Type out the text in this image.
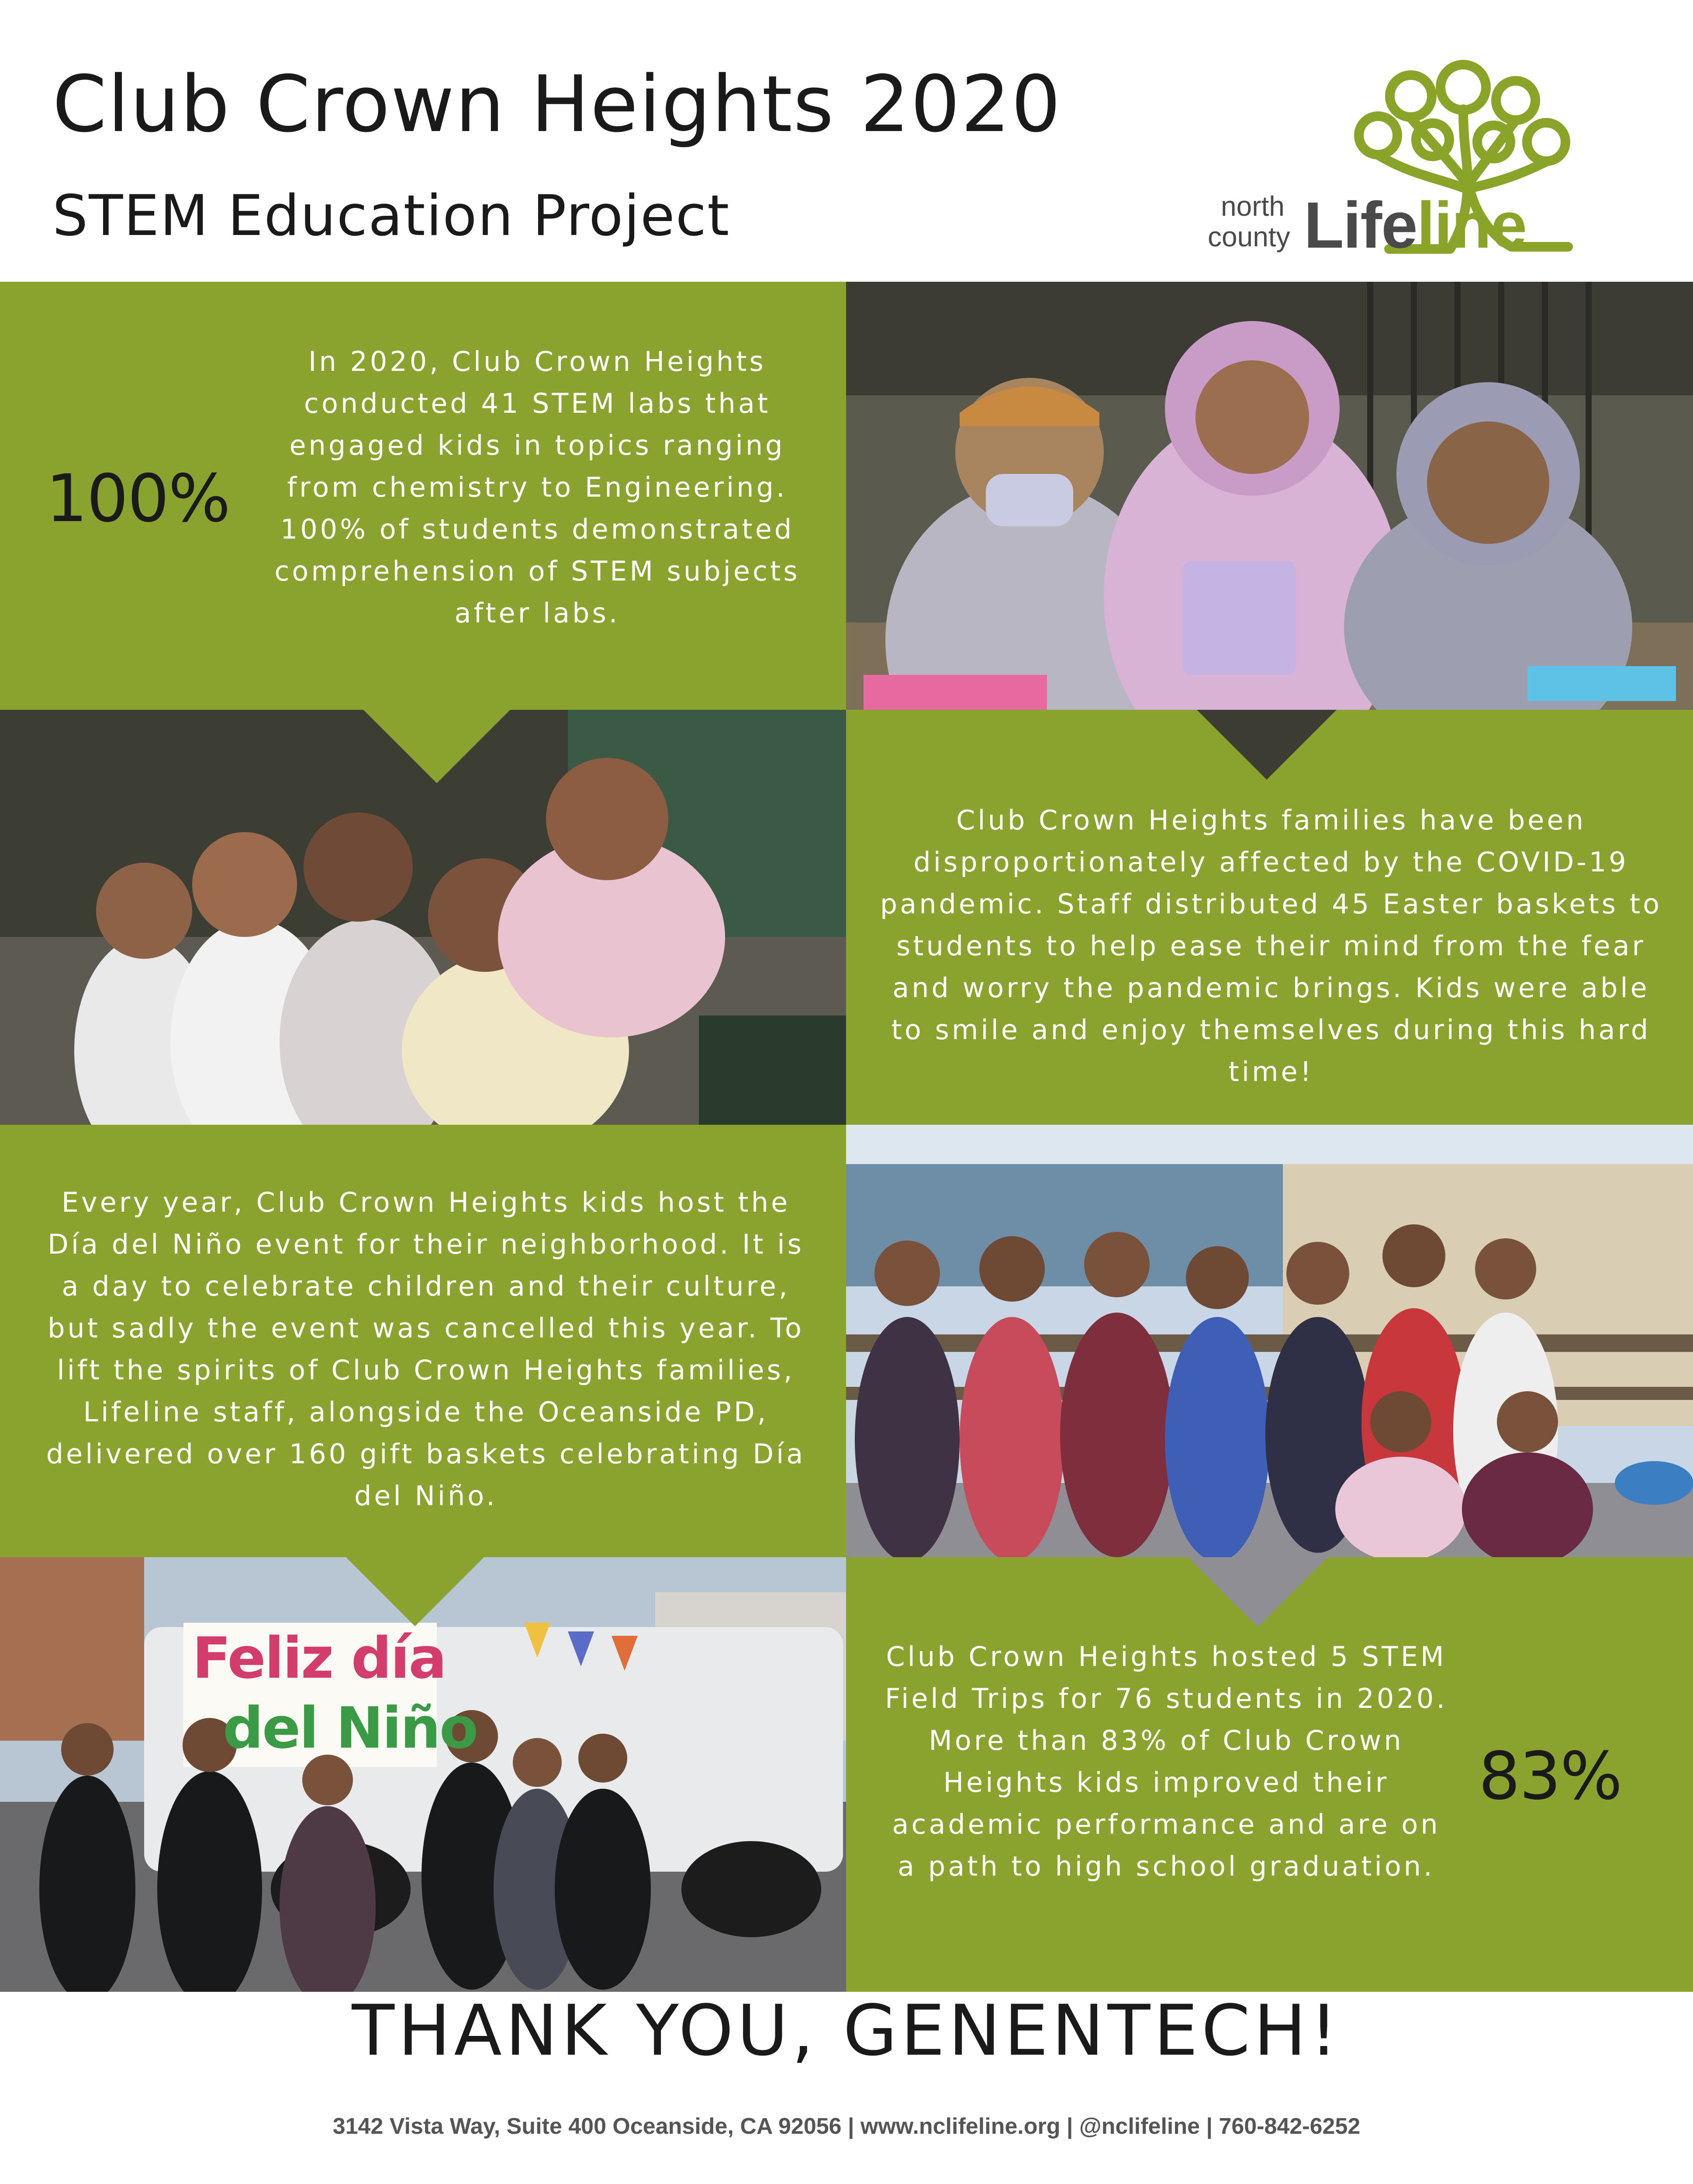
Club Crown Heights 2020
STEM Education Project	north
county Lifeline
100%
In 2020, Club Crown Heights conducted 41 STEM labs that engaged kids in topics ranging from chemistry to Engineering. 100% of students demonstrated comprehension of STEM subjects after labs.
Club Crown Heights families have been disproportionately affected by the COVID-19 pandemic. Staff distributed 45 Easter baskets to students to help ease their mind from the fear and worry the pandemic brings. Kids were able to smile and enjoy themselves during this hard time!
Every year, Club Crown Heights kids host the Día del Niño event for their neighborhood. It is a day to celebrate children and their culture, but sadly the event was cancelled this year. To lift the spirits of Club Crown Heights families, Lifeline staff, alongside the Oceanside PD, delivered over 160 gift baskets celebrating Día del Niño.
Feliz día
del Niño
Club Crown Heights hosted 5 STEM Field Trips for 76 students in 2020. More than 83% of Club Crown Heights kids improved their academic performance and are on a path to high school graduation.
83%
THANK YOU, GENENTECH!
3142 Vista Way, Suite 400 Oceanside, CA 92056 | www.nclifeline.org | @nclifeline | 760-842-6252
